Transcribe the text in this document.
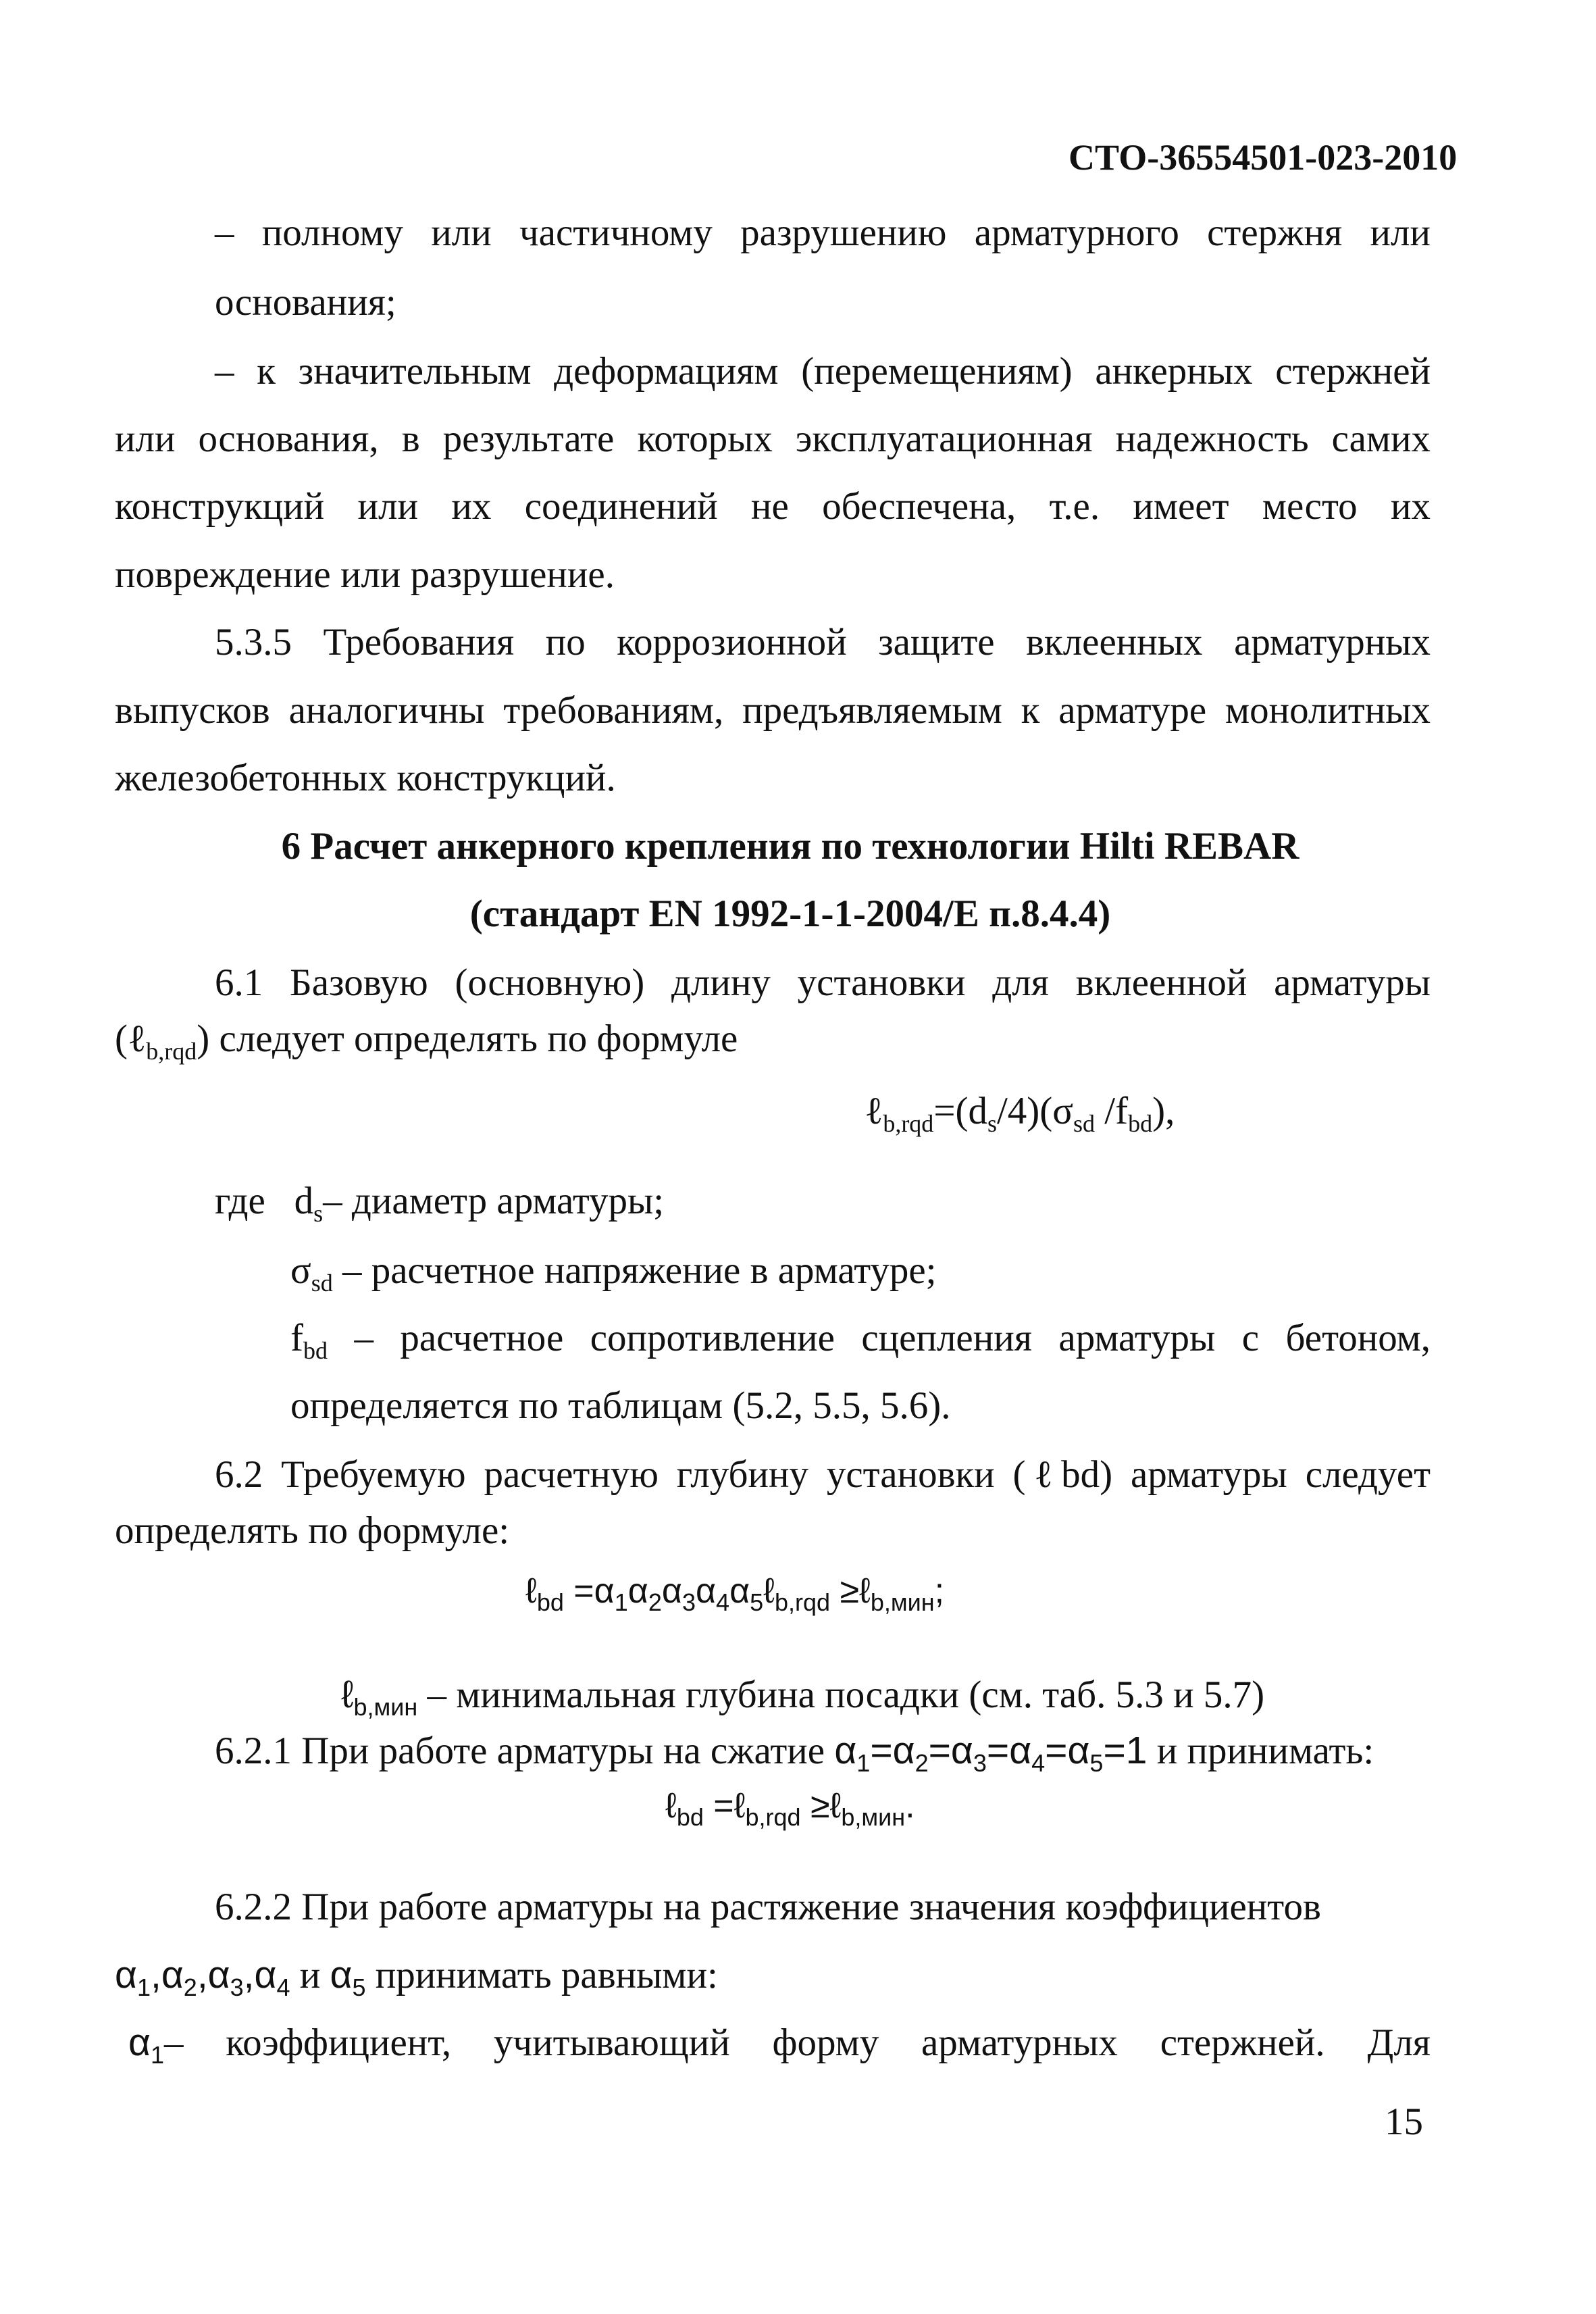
СТО-36554501-023-2010
– полному или частичному разрушению арматурного стержня или
основания;
– к значительным деформациям (перемещениям) анкерных стержней
или основания, в результате которых эксплуатационная надежность самих
конструкций или их соединений не обеспечена, т.е. имеет место их
повреждение или разрушение.
5.3.5 Требования по коррозионной защите вклеенных арматурных
выпусков аналогичны требованиям, предъявляемым к арматуре монолитных
железобетонных конструкций.
6 Расчет анкерного крепления по технологии Hilti REBAR
(стандарт EN 1992-1-1-2004/E п.8.4.4)
6.1 Базовую (основную) длину установки для вклеенной арматуры
(ℓ$_{b,rqd}$) следует определять по формуле
$\ell_{b,rqd}=(d_s/4)(\sigma_{sd}$ $/f_{bd}$),
где $d_s-$ диаметр арматуры;
$\sigma_{sd}$ – расчетное напряжение в арматуре;
$f_{bd}$ – расчетное сопротивление сцепления арматуры с бетоном,
определяется по таблицам (5.2, 5.5, 5.6).
6.2 Требуемую расчетную глубину установки (ℓbd) арматуры следует
определять по формуле:
ℓ$_{bd}$ $=\alpha_1\alpha_2\alpha_3\alpha_4\alpha_5\ell_{b,rqd}$ ≥ℓ$_{b,мин}$;
ℓ$_{b,мин}$ – минимальная глубина посадки (см. таб. 5.3 и 5.7)
6.2.1 При работе арматуры на сжатие $\alpha_1=\alpha_2=\alpha_3=\alpha_4=\alpha_5=1$ и принимать:
ℓ$_{bd}$ =ℓ$_{b,rqd}$ ≥ℓ$_{b,мин}$.
6.2.2 При работе арматуры на растяжение значения коэффициентов
$\alpha_1,\alpha_2,\alpha_3,\alpha_4$ и $\alpha_5$ принимать равными:
$\alpha_1-$ коэффициент, учитывающий форму арматурных стержней. Для
15
